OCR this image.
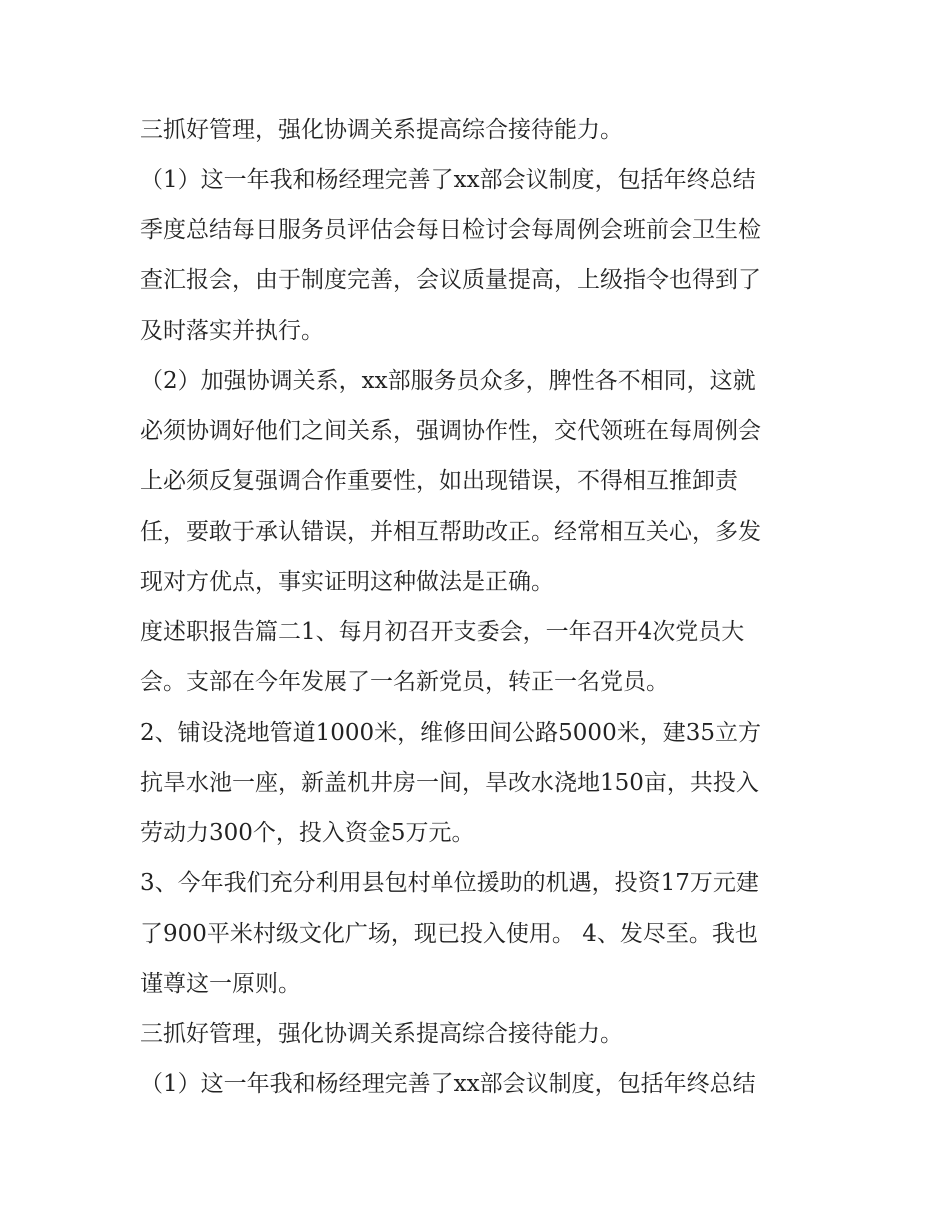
三抓好管理，强化协调关系提高综合接待能力。
（1）这一年我和杨经理完善了xx部会议制度，包括年终总结
季度总结每日服务员评估会每日检讨会每周例会班前会卫生检
查汇报会，由于制度完善，会议质量提高，上级指令也得到了
及时落实并执行。
（2）加强协调关系，xx部服务员众多，脾性各不相同，这就
必须协调好他们之间关系，强调协作性，交代领班在每周例会
上必须反复强调合作重要性，如出现错误，不得相互推卸责
任，要敢于承认错误，并相互帮助改正。经常相互关心，多发
现对方优点，事实证明这种做法是正确。
度述职报告篇二1、每月初召开支委会，一年召开4次党员大
会。支部在今年发展了一名新党员，转正一名党员。
2、铺设浇地管道1000米，维修田间公路5000米，建35立方
抗旱水池一座，新盖机井房一间，旱改水浇地150亩，共投入
劳动力300个，投入资金5万元。
3、今年我们充分利用县包村单位援助的机遇，投资17万元建
了900平米村级文化广场，现已投入使用。 4、发尽至。我也
谨尊这一原则。
三抓好管理，强化协调关系提高综合接待能力。
（1）这一年我和杨经理完善了xx部会议制度，包括年终总结
